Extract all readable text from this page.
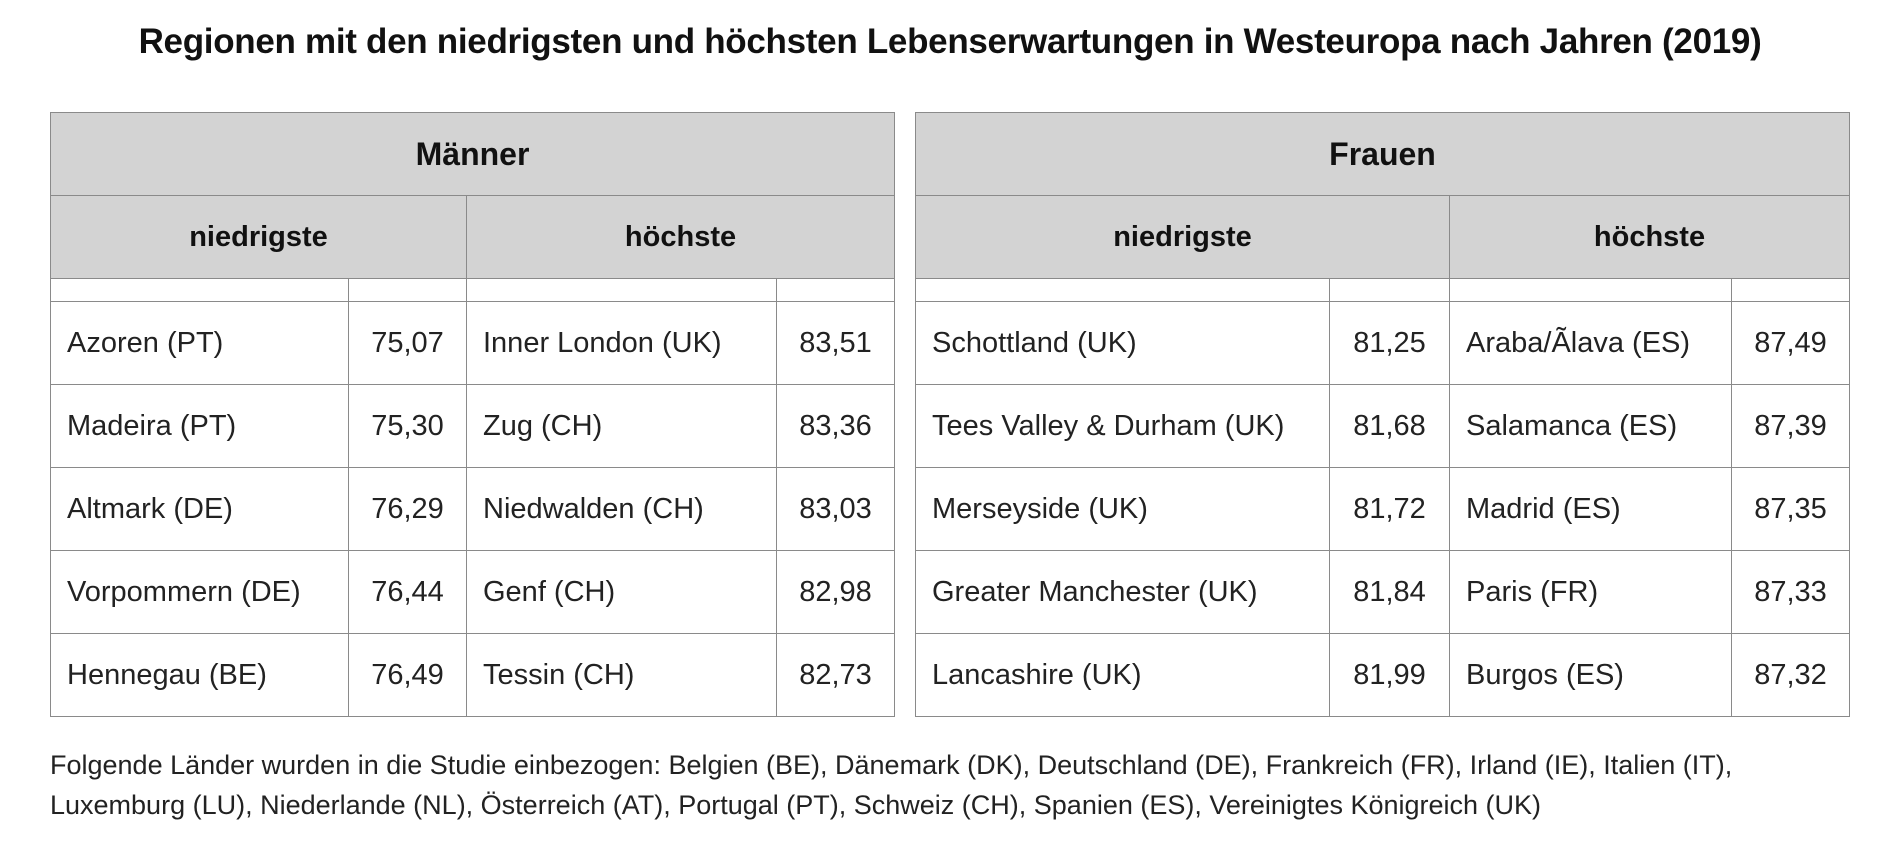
Regionen mit den niedrigsten und höchsten Lebenserwartungen in Westeuropa nach Jahren (2019)
Männer			
niedrigste		höchste	

Azoren (PT)	75,07	Inner London (UK)	83,51
Madeira (PT)	75,30	Zug (CH)	83,36
Altmark (DE)	76,29	Niedwalden (CH)	83,03
Vorpommern (DE)	76,44	Genf (CH)	82,98
Hennegau (BE)	76,49	Tessin (CH)	82,73
Frauen			
niedrigste		höchste	

Schottland (UK)	81,25	Araba/Ãlava (ES)	87,49
Tees Valley & Durham (UK)	81,68	Salamanca (ES)	87,39
Merseyside (UK)	81,72	Madrid (ES)	87,35
Greater Manchester (UK)	81,84	Paris (FR)	87,33
Lancashire (UK)	81,99	Burgos (ES)	87,32
Folgende Länder wurden in die Studie einbezogen: Belgien (BE), Dänemark (DK), Deutschland (DE), Frankreich (FR), Irland (IE), Italien (IT), Luxemburg (LU), Niederlande (NL), Österreich (AT), Portugal (PT), Schweiz (CH), Spanien (ES), Vereinigtes Königreich (UK)
